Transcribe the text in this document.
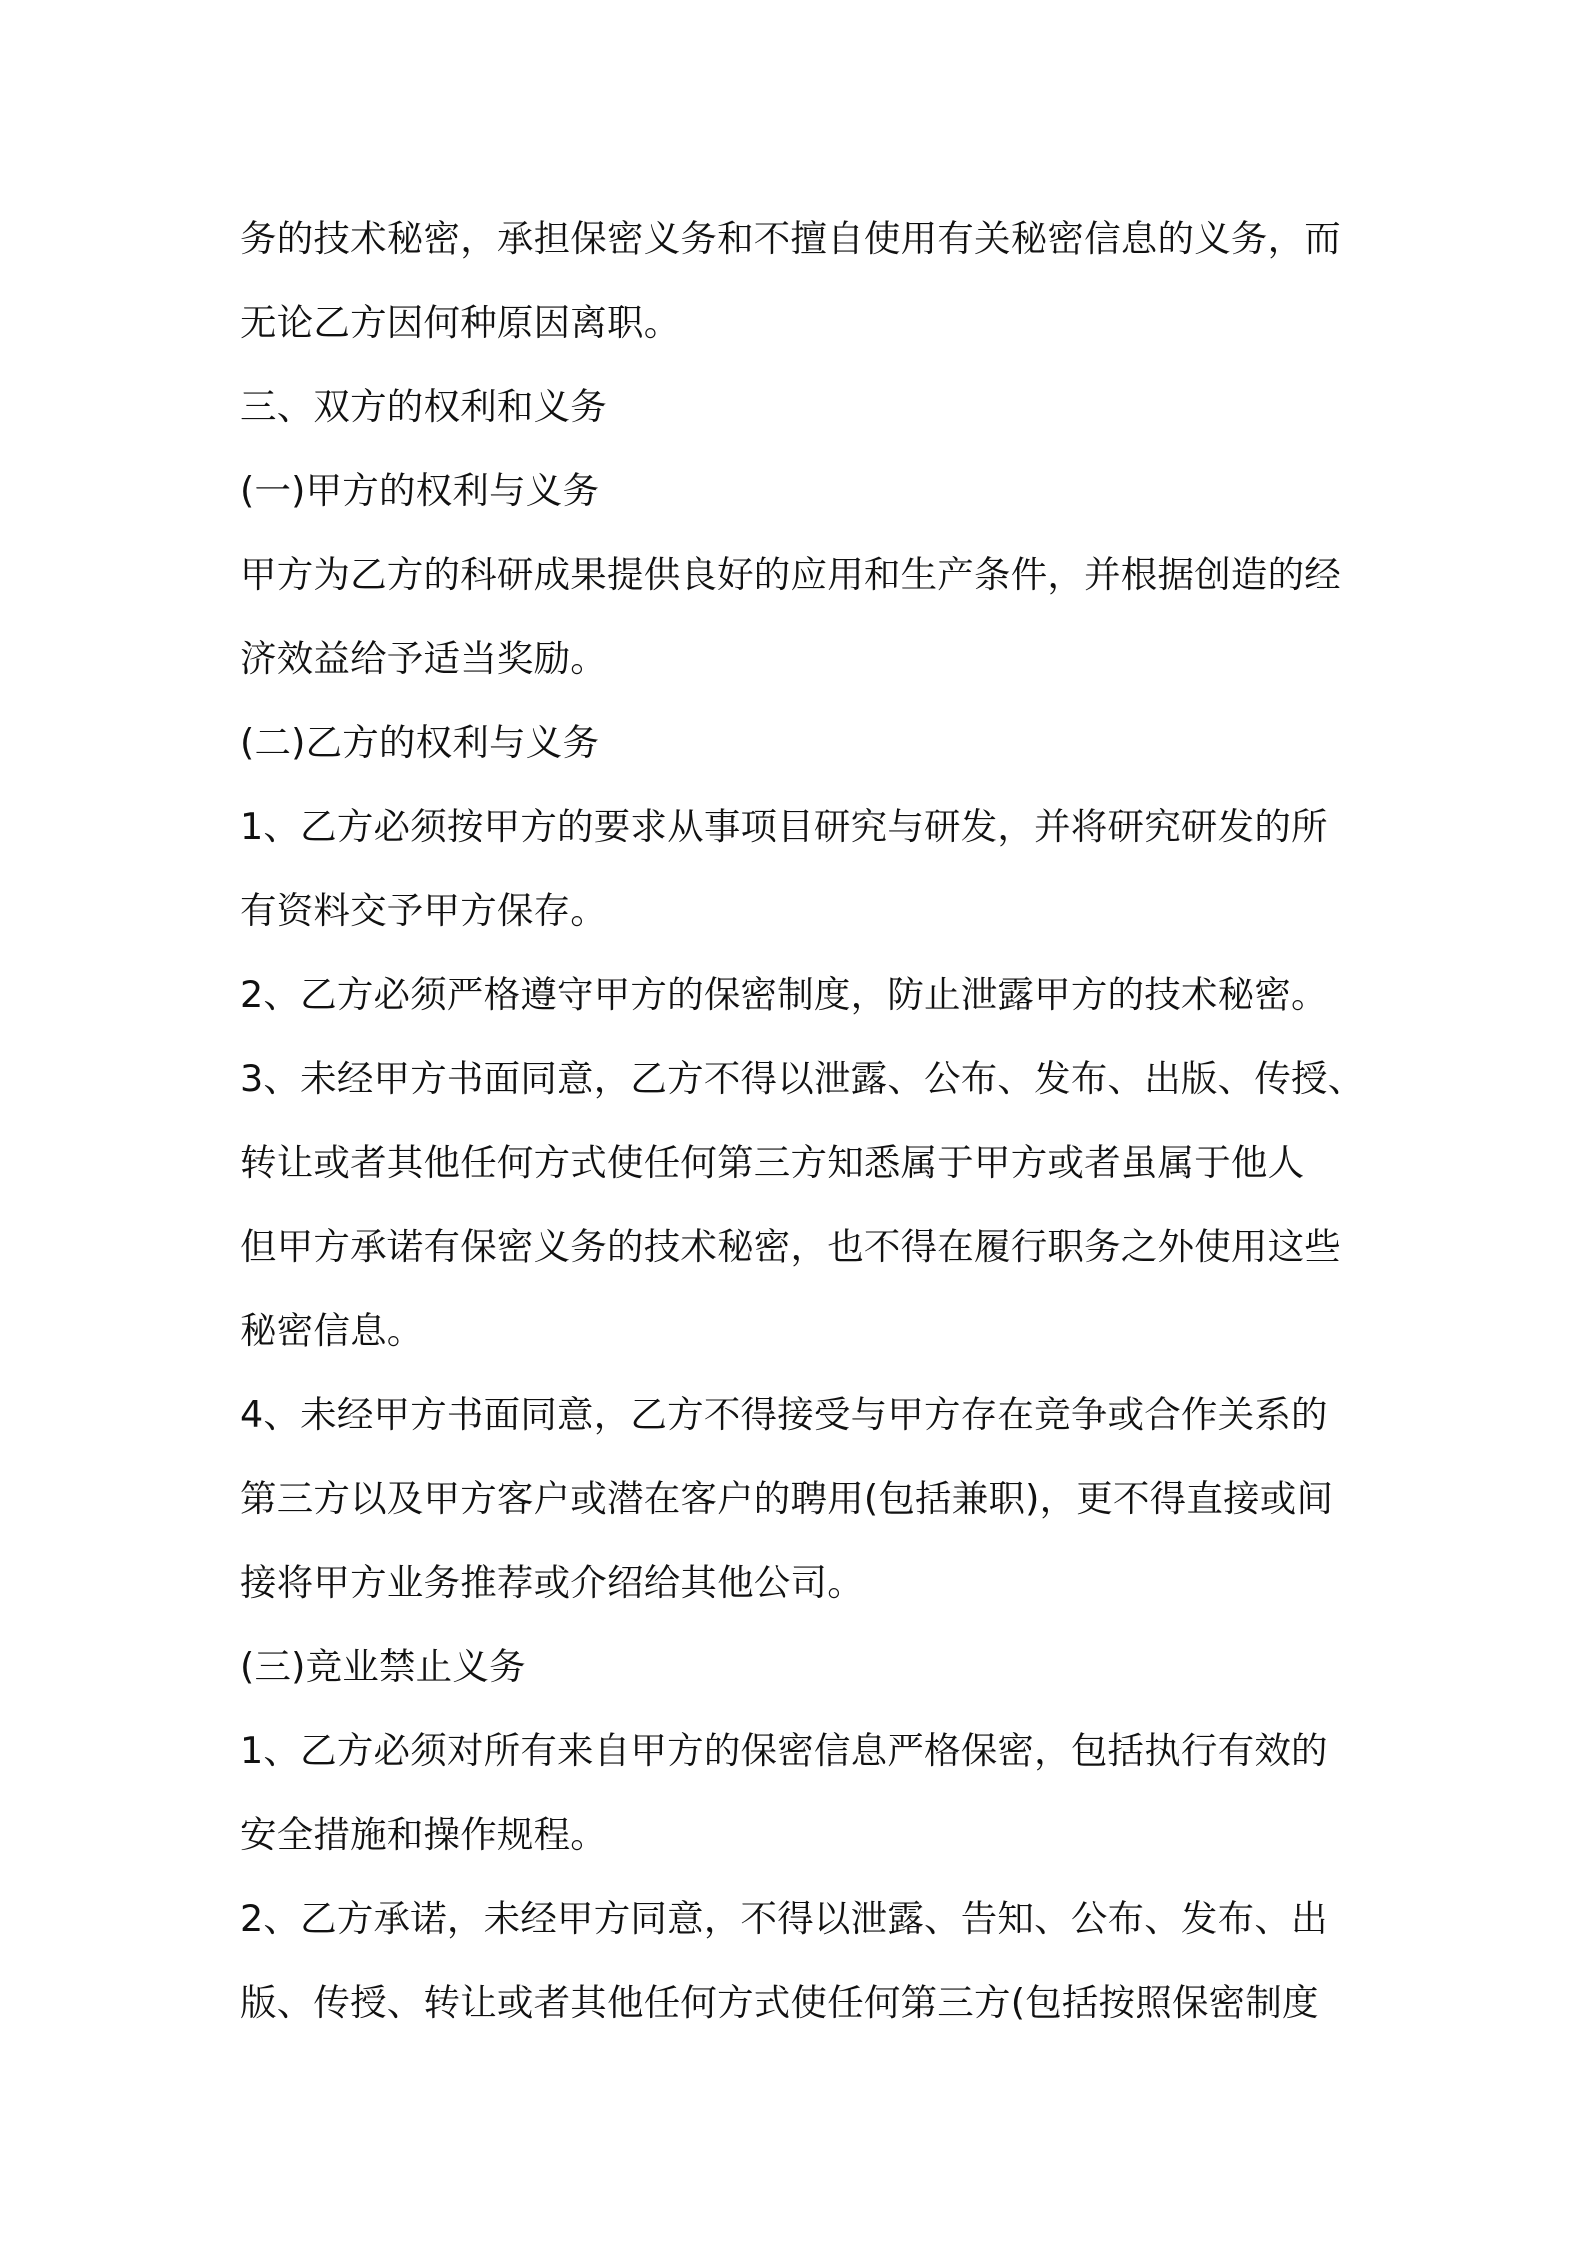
务的技术秘密，承担保密义务和不擅自使用有关秘密信息的义务，而
无论乙方因何种原因离职。
三、双方的权利和义务
(一)甲方的权利与义务
甲方为乙方的科研成果提供良好的应用和生产条件，并根据创造的经
济效益给予适当奖励。
(二)乙方的权利与义务
1、乙方必须按甲方的要求从事项目研究与研发，并将研究研发的所
有资料交予甲方保存。
2、乙方必须严格遵守甲方的保密制度，防止泄露甲方的技术秘密。
3、未经甲方书面同意，乙方不得以泄露、公布、发布、出版、传授、
转让或者其他任何方式使任何第三方知悉属于甲方或者虽属于他人
但甲方承诺有保密义务的技术秘密，也不得在履行职务之外使用这些
秘密信息。
4、未经甲方书面同意，乙方不得接受与甲方存在竞争或合作关系的
第三方以及甲方客户或潜在客户的聘用(包括兼职)，更不得直接或间
接将甲方业务推荐或介绍给其他公司。
(三)竞业禁止义务
1、乙方必须对所有来自甲方的保密信息严格保密，包括执行有效的
安全措施和操作规程。
2、乙方承诺，未经甲方同意，不得以泄露、告知、公布、发布、出
版、传授、转让或者其他任何方式使任何第三方(包括按照保密制度
